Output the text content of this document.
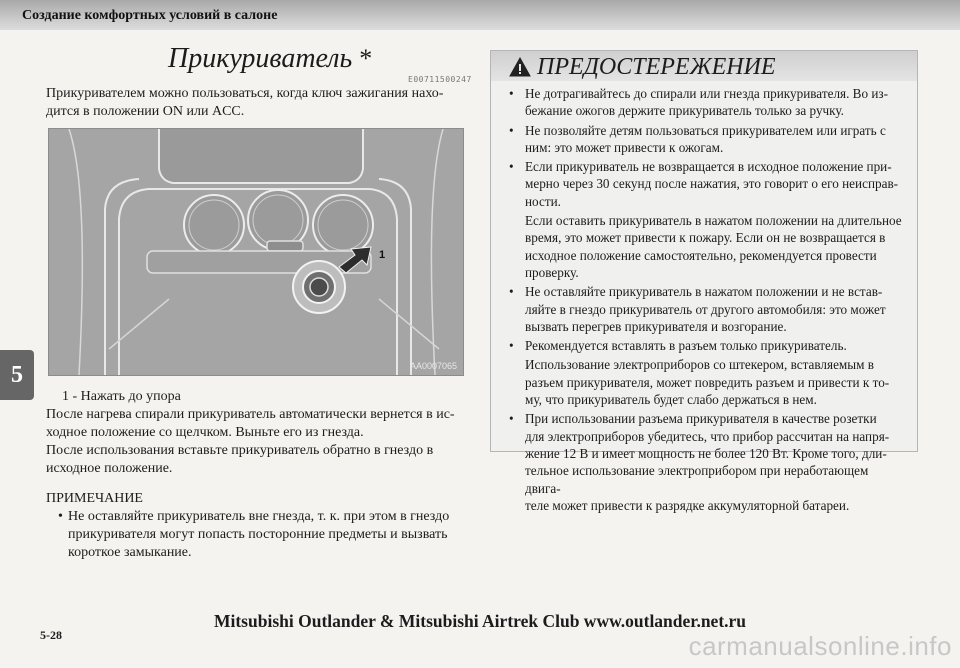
Создание комфортных условий в салоне
5
Прикуриватель *
E00711500247
Прикуривателем можно пользоваться, когда ключ зажигания нахо-
дится в положении ON или ACC.
1
AA0007065
1 - Нажать до упора
После нагрева спирали прикуриватель автоматически вернется в ис-
ходное положение со щелчком. Выньте его из гнезда.
После использования вставьте прикуриватель обратно в гнездо в
исходное положение.
ПРИМЕЧАНИЕ
• Не оставляйте прикуриватель вне гнезда, т. к. при этом в гнездо
прикуривателя могут попасть посторонние предметы и вызвать
короткое замыкание.
ПРЕДОСТЕРЕЖЕНИЕ
• Не дотрагивайтесь до спирали или гнезда прикуривателя. Во из-
бежание ожогов держите прикуриватель только за ручку.
• Не позволяйте детям пользоваться прикуривателем или играть с
ним: это может привести к ожогам.
• Если прикуриватель не возвращается в исходное положение при-
мерно через 30 секунд после нажатия, это говорит о его неисправ-
ности.
Если оставить прикуриватель в нажатом положении на длительное
время, это может привести к пожару. Если он не возвращается в
исходное положение самостоятельно, рекомендуется провести
проверку.
• Не оставляйте прикуриватель в нажатом положении и не встав-
ляйте в гнездо прикуриватель от другого автомобиля: это может
вызвать перегрев прикуривателя и возгорание.
• Рекомендуется вставлять в разъем только прикуриватель.
Использование электроприборов со штекером, вставляемым в
разъем прикуривателя, может повредить разъем и привести к то-
му, что прикуриватель будет слабо держаться в нем.
• При использовании разъема прикуривателя в качестве розетки
для электроприборов убедитесь, что прибор рассчитан на напря-
жение 12 В и имеет мощность не более 120 Вт. Кроме того, дли-
тельное использование электроприбором при неработающем двига-
теле может привести к разрядке аккумуляторной батареи.
Mitsubishi Outlander & Mitsubishi Airtrek Club www.outlander.net.ru
5-28	carmanualsonline.info
